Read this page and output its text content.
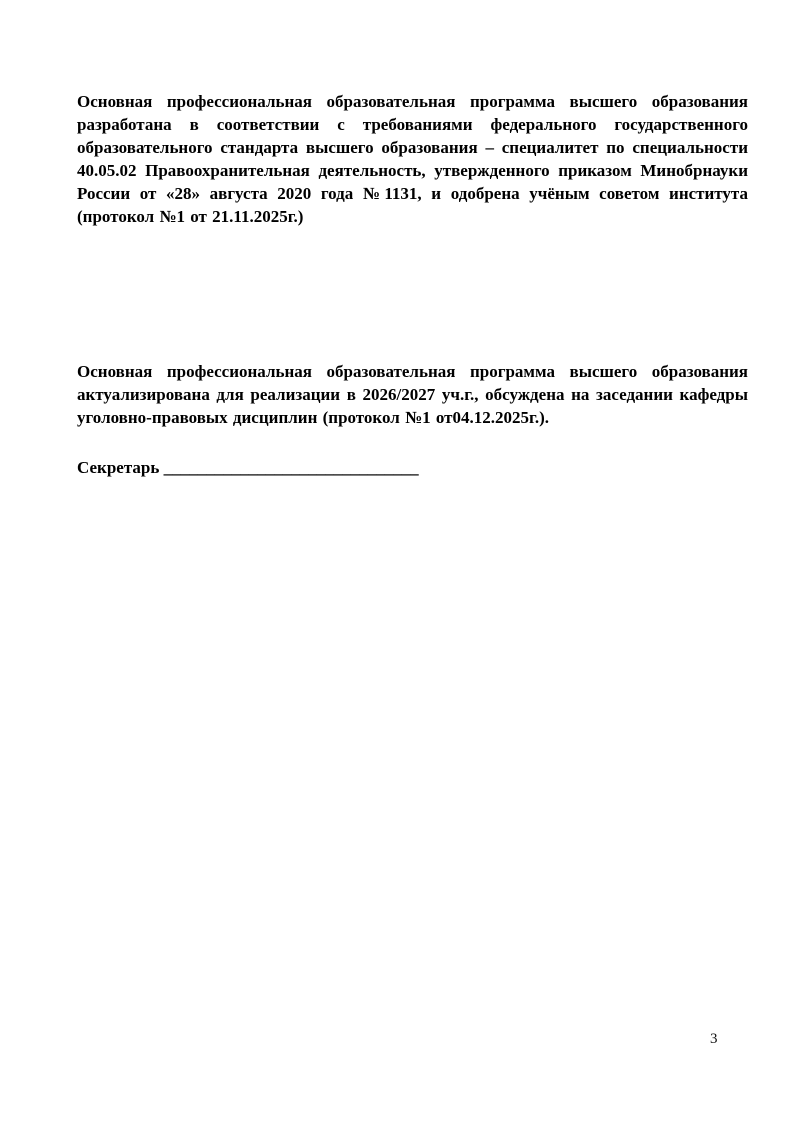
Основная профессиональная образовательная программа высшего образования разработана в соответствии с требованиями федерального государственного образовательного стандарта высшего образования – специалитет по специальности 40.05.02 Правоохранительная деятельность, утвержденного приказом Минобрнауки России от «28» августа 2020 года №1131, и одобрена учёным советом института (протокол №1 от 21.11.2025г.)

Основная профессиональная образовательная программа высшего образования актуализирована для реализации в 2026/2027 уч.г., обсуждена на заседании кафедры уголовно-правовых дисциплин (протокол №1 от04.12.2025г.).

Секретарь ______________________________

3
